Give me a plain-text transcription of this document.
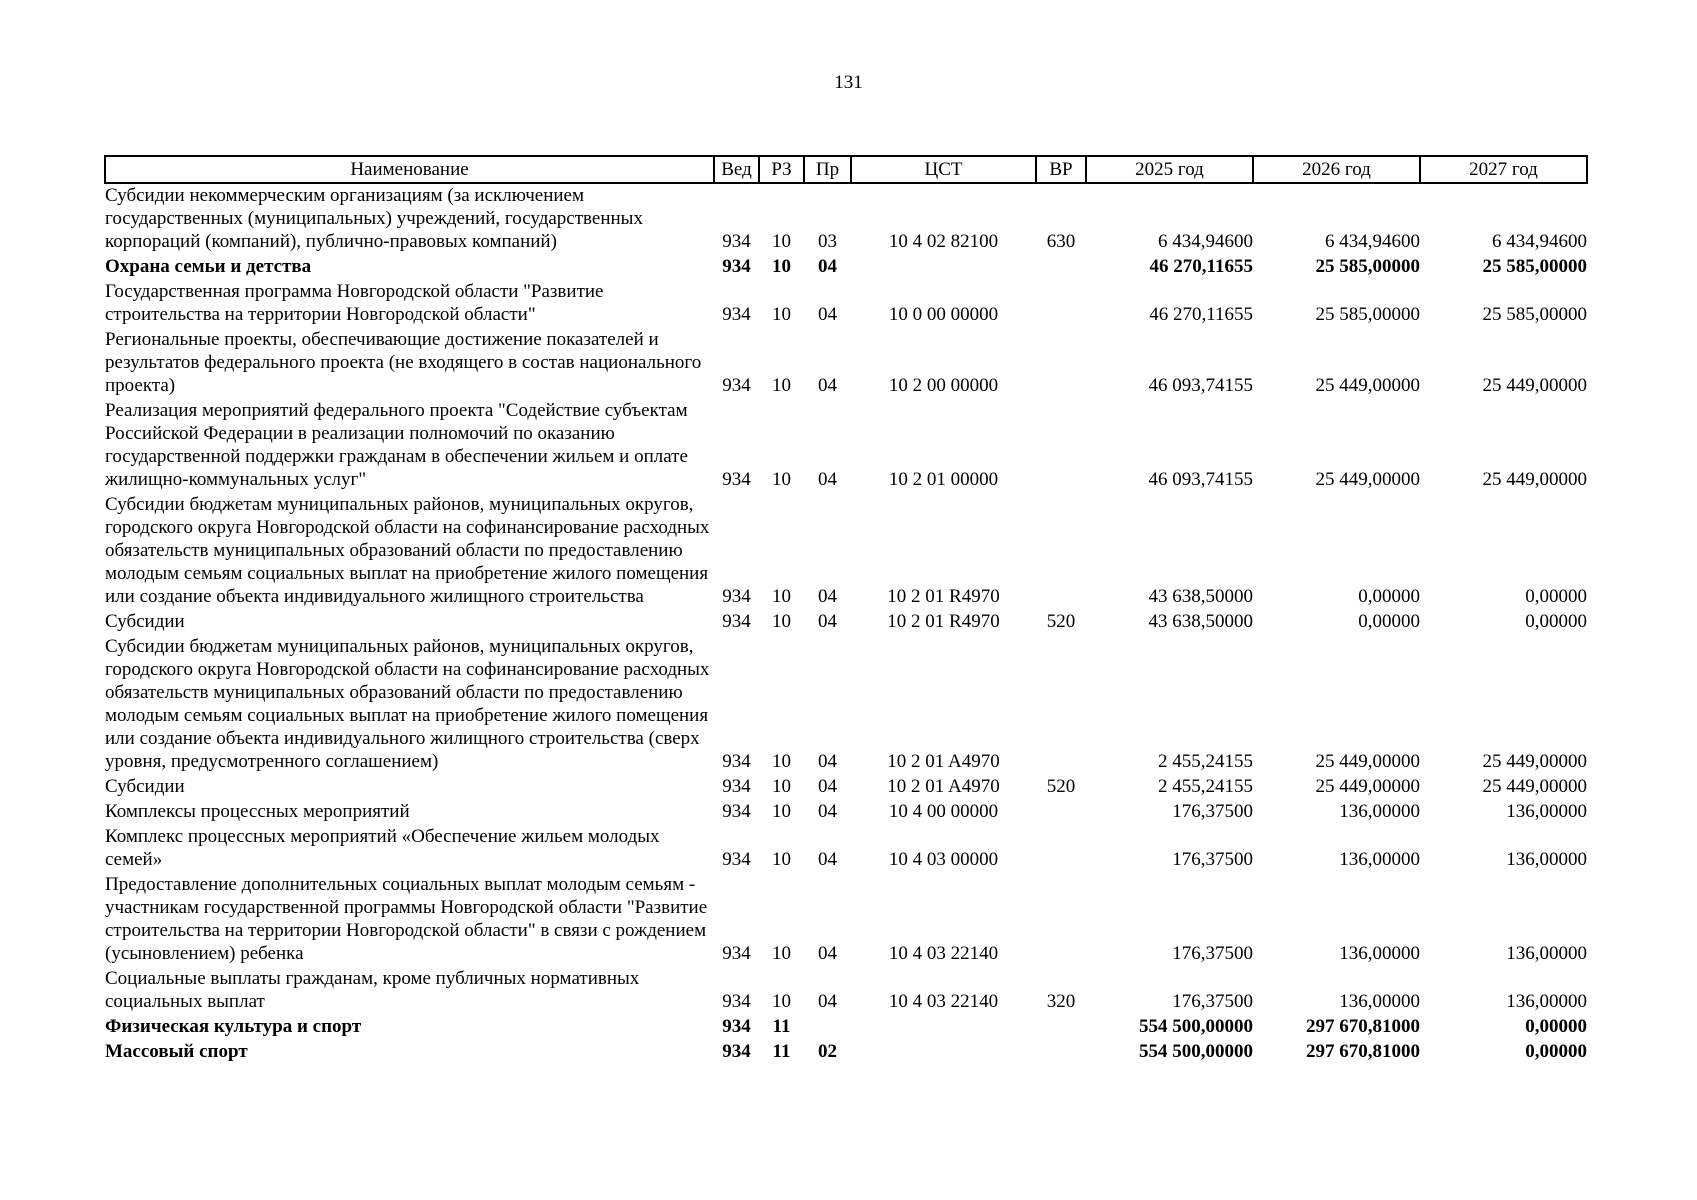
131
Наименование	Вед	РЗ	Пр	ЦСТ	ВР	2025 год	2026 год	2027 год
Субсидии некоммерческим организациям (за исключением государственных (муниципальных) учреждений, государственных корпораций (компаний), публично-правовых компаний)	934	10	03	10 4 02 82100	630	6 434,94600	6 434,94600	6 434,94600
Охрана семьи и детства	934	10	04			46 270,11655	25 585,00000	25 585,00000
Государственная программа Новгородской области "Развитие строительства на территории Новгородской области"	934	10	04	10 0 00 00000		46 270,11655	25 585,00000	25 585,00000
Региональные проекты, обеспечивающие достижение показателей и результатов федерального проекта (не входящего в состав национального проекта)	934	10	04	10 2 00 00000		46 093,74155	25 449,00000	25 449,00000
Реализация мероприятий федерального проекта "Содействие субъектам Российской Федерации в реализации полномочий по оказанию государственной поддержки гражданам в обеспечении жильем и оплате жилищно-коммунальных услуг"	934	10	04	10 2 01 00000		46 093,74155	25 449,00000	25 449,00000
Субсидии бюджетам муниципальных районов, муниципальных округов, городского округа Новгородской области на софинансирование расходных обязательств муниципальных образований области по предоставлению молодым семьям социальных выплат на приобретение жилого помещения или создание объекта индивидуального жилищного строительства	934	10	04	10 2 01 R4970		43 638,50000	0,00000	0,00000
Субсидии	934	10	04	10 2 01 R4970	520	43 638,50000	0,00000	0,00000
Субсидии бюджетам муниципальных районов, муниципальных округов, городского округа Новгородской области на софинансирование расходных обязательств муниципальных образований области по предоставлению молодым семьям социальных выплат на приобретение жилого помещения или создание объекта индивидуального жилищного строительства (сверх уровня, предусмотренного соглашением)	934	10	04	10 2 01 A4970		2 455,24155	25 449,00000	25 449,00000
Субсидии	934	10	04	10 2 01 A4970	520	2 455,24155	25 449,00000	25 449,00000
Комплексы процессных мероприятий	934	10	04	10 4 00 00000		176,37500	136,00000	136,00000
Комплекс процессных мероприятий «Обеспечение жильем молодых семей»	934	10	04	10 4 03 00000		176,37500	136,00000	136,00000
Предоставление дополнительных социальных выплат молодым семьям - участникам государственной программы Новгородской области "Развитие строительства на территории Новгородской области" в связи с рождением (усыновлением) ребенка	934	10	04	10 4 03 22140		176,37500	136,00000	136,00000
Социальные выплаты гражданам, кроме публичных нормативных социальных выплат	934	10	04	10 4 03 22140	320	176,37500	136,00000	136,00000
Физическая культура и спорт	934	11				554 500,00000	297 670,81000	0,00000
Массовый спорт	934	11	02			554 500,00000	297 670,81000	0,00000
